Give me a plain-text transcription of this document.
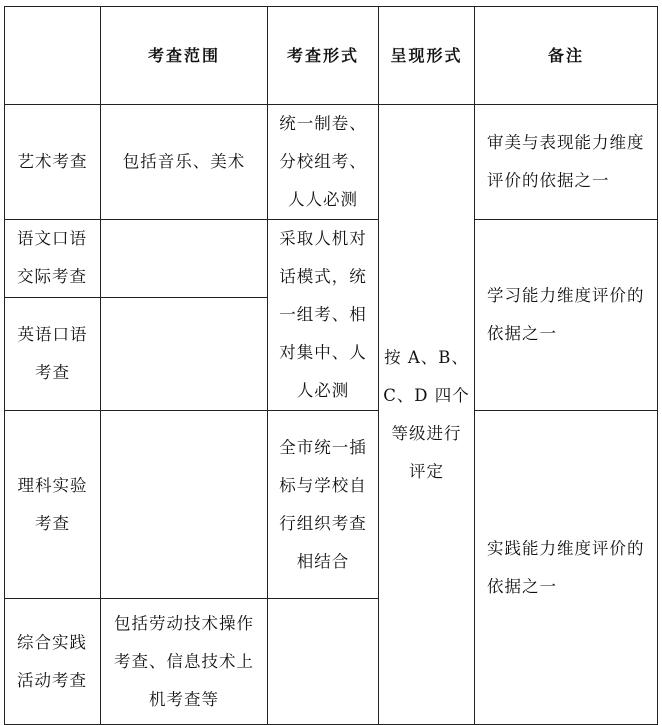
	考查范围	考查形式	呈现形式	备注
艺术考查	包括音乐、美术	统一制卷、分校组考、人人必测	按 A、B、C、D 四个等级进行评定	审美与表现能力维度评价的依据之一
语文口语交际考查		采取人机对话模式，统一组考、相对集中、人人必测		学习能力维度评价的依据之一
英语口语考查				
理科实验考查		全市统一插标与学校自行组织考查相结合		实践能力维度评价的依据之一
综合实践活动考查	包括劳动技术操作考查、信息技术上机考查等			
